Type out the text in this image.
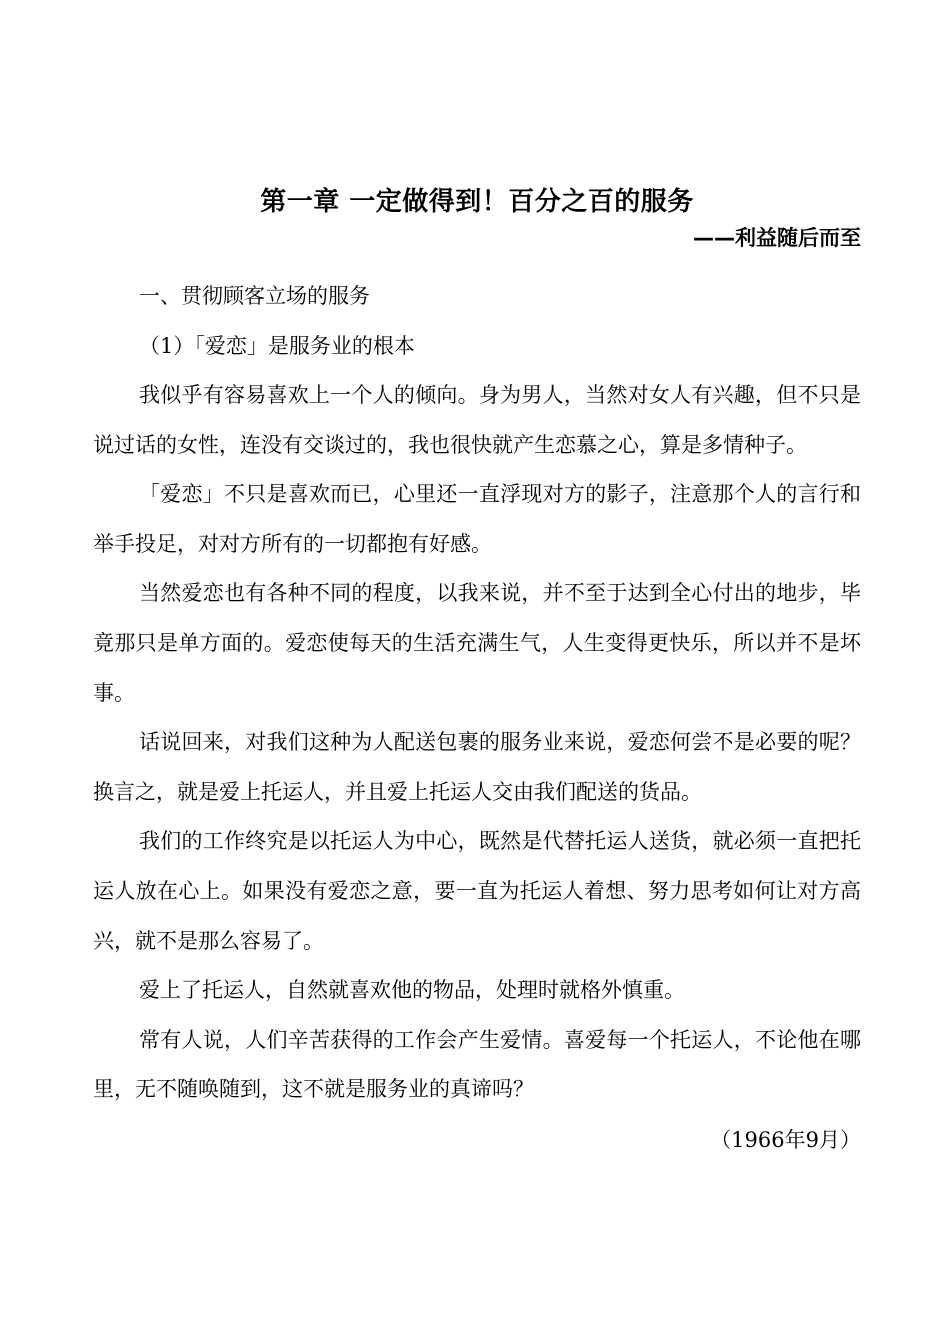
第一章 一定做得到！百分之百的服务

——利益随后而至

一、贯彻顾客立场的服务

（1）「爱恋」是服务业的根本

我似乎有容易喜欢上一个人的倾向。身为男人，当然对女人有兴趣，但不只是说过话的女性，连没有交谈过的，我也很快就产生恋慕之心，算是多情种子。

「爱恋」不只是喜欢而已，心里还一直浮现对方的影子，注意那个人的言行和举手投足，对对方所有的一切都抱有好感。

当然爱恋也有各种不同的程度，以我来说，并不至于达到全心付出的地步，毕竟那只是单方面的。爱恋使每天的生活充满生气，人生变得更快乐，所以并不是坏事。

话说回来，对我们这种为人配送包裹的服务业来说，爱恋何尝不是必要的呢？换言之，就是爱上托运人，并且爱上托运人交由我们配送的货品。

我们的工作终究是以托运人为中心，既然是代替托运人送货，就必须一直把托运人放在心上。如果没有爱恋之意，要一直为托运人着想、努力思考如何让对方高兴，就不是那么容易了。

爱上了托运人，自然就喜欢他的物品，处理时就格外慎重。

常有人说，人们辛苦获得的工作会产生爱情。喜爱每一个托运人，不论他在哪里，无不随唤随到，这不就是服务业的真谛吗？

（1966年9月）
